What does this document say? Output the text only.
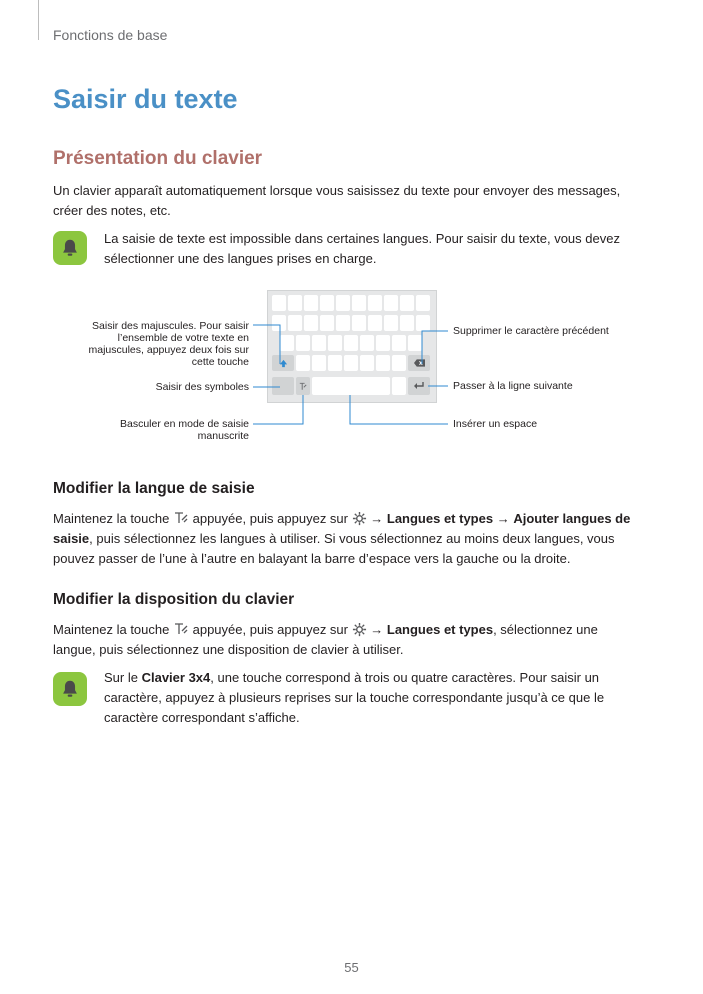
Fonctions de base
Saisir du texte
Présentation du clavier

Un clavier apparaît automatiquement lorsque vous saisissez du texte pour envoyer des messages, créer des notes, etc.

La saisie de texte est impossible dans certaines langues. Pour saisir du texte, vous devez sélectionner une des langues prises en charge.

Saisir des majuscules. Pour saisir l’ensemble de votre texte en majuscules, appuyez deux fois sur cette touche
Saisir des symboles
Basculer en mode de saisie manuscrite
Supprimer le caractère précédent
Passer à la ligne suivante
Insérer un espace
Modifier la langue de saisie

Maintenez la touche appuyée, puis appuyez sur → Langues et types → Ajouter langues de saisie, puis sélectionnez les langues à utiliser. Si vous sélectionnez au moins deux langues, vous pouvez passer de l’une à l’autre en balayant la barre d’espace vers la gauche ou la droite.

Modifier la disposition du clavier

Maintenez la touche appuyée, puis appuyez sur → Langues et types, sélectionnez une langue, puis sélectionnez une disposition de clavier à utiliser.

Sur le Clavier 3x4, une touche correspond à trois ou quatre caractères. Pour saisir un caractère, appuyez à plusieurs reprises sur la touche correspondante jusqu’à ce que le caractère correspondant s’affiche.

55
